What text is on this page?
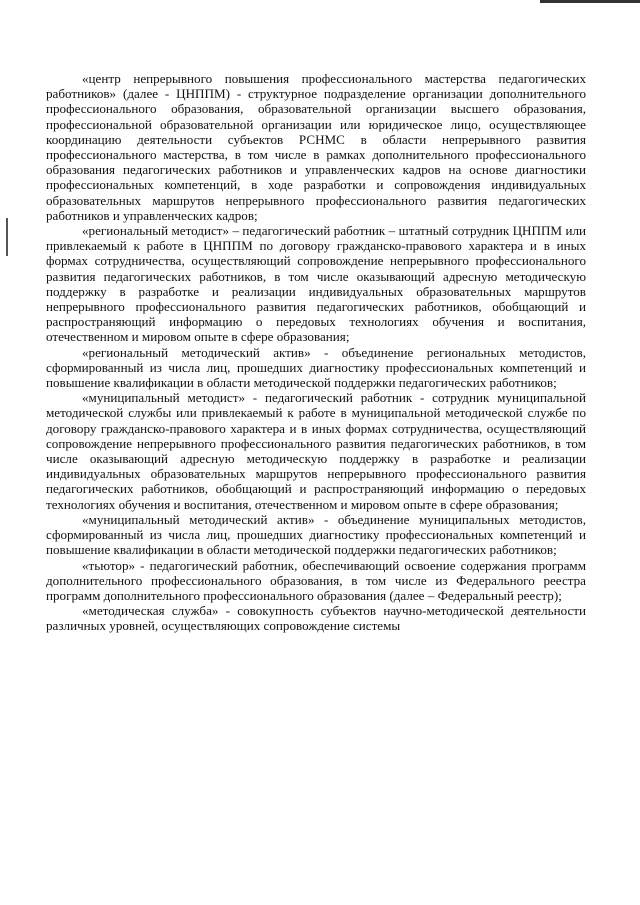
«центр непрерывного повышения профессионального мастерства педагогических работников» (далее - ЦНППМ) - структурное подразделение организации дополнительного профессионального образования, образовательной организации высшего образования, профессиональной образовательной организации или юридическое лицо, осуществляющее координацию деятельности субъектов РСНМС в области непрерывного развития профессионального мастерства, в том числе в рамках дополнительного профессионального образования педагогических работников и управленческих кадров на основе диагностики профессиональных компетенций, в ходе разработки и сопровождения индивидуальных образовательных маршрутов непрерывного профессионального развития педагогических работников и управленческих кадров;

«региональный методист» – педагогический работник – штатный сотрудник ЦНППМ или привлекаемый к работе в ЦНППМ по договору гражданско-правового характера и в иных формах сотрудничества, осуществляющий сопровождение непрерывного профессионального развития педагогических работников, в том числе оказывающий адресную методическую поддержку в разработке и реализации индивидуальных образовательных маршрутов непрерывного профессионального развития педагогических работников, обобщающий и распространяющий информацию о передовых технологиях обучения и воспитания, отечественном и мировом опыте в сфере образования;

«региональный методический актив» - объединение региональных методистов, сформированный из числа лиц, прошедших диагностику профессиональных компетенций и повышение квалификации в области методической поддержки педагогических работников;

«муниципальный методист» - педагогический работник - сотрудник муниципальной методической службы или привлекаемый к работе в муниципальной методической службе по договору гражданско-правового характера и в иных формах сотрудничества, осуществляющий сопровождение непрерывного профессионального развития педагогических работников, в том числе оказывающий адресную методическую поддержку в разработке и реализации индивидуальных образовательных маршрутов непрерывного профессионального развития педагогических работников, обобщающий и распространяющий информацию о передовых технологиях обучения и воспитания, отечественном и мировом опыте в сфере образования;

«муниципальный методический актив» - объединение муниципальных методистов, сформированный из числа лиц, прошедших диагностику профессиональных компетенций и повышение квалификации в области методической поддержки педагогических работников;

«тьютор» - педагогический работник, обеспечивающий освоение содержания программ дополнительного профессионального образования, в том числе из Федерального реестра программ дополнительного профессионального образования (далее – Федеральный реестр);

«методическая служба» - совокупность субъектов научно-методической деятельности различных уровней, осуществляющих сопровождение системы
